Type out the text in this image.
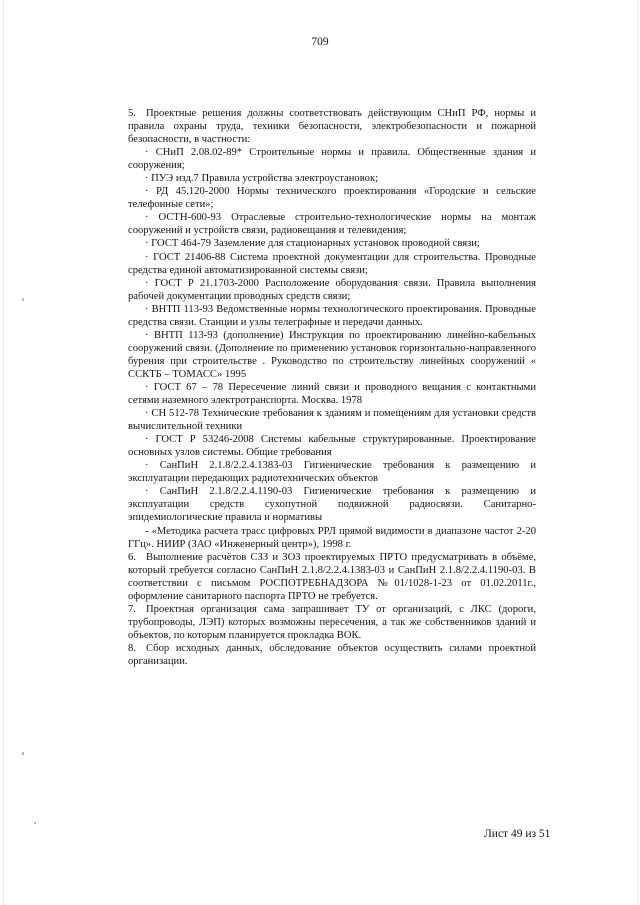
709

5. Проектные решения должны соответствовать действующим СНиП РФ, нормы и правила охраны труда, техники безопасности, электробезопасности и пожарной безопасности, в частности:

· СНиП 2.08.02-89* Строительные нормы и правила. Общественные здания и сооружения;

· ПУЭ изд.7 Правила устройства электроустановок;

· РД 45.120-2000 Нормы технического проектирования «Городские и сельские телефонные сети»;

· ОСТН-600-93 Отраслевые строительно-технологические нормы на монтаж сооружений и устройств связи, радиовещания и телевидения;

· ГОСТ 464-79 Заземление для стационарных установок проводной связи;

· ГОСТ 21406-88 Система проектной документации для строительства. Проводные средства единой автоматизированной системы связи;

· ГОСТ Р 21.1703-2000 Расположение оборудования связи. Правила выполнения рабочей документации проводных средств связи;

· ВНТП 113-93 Ведомственные нормы технологического проектирования. Проводные средства связи. Станции и узлы телеграфные и передачи данных.

· ВНТП 113-93 (дополнение) Инструкция по проектированию линейно-кабельных сооружений связи. (Дополнение по применению установок горизонтально-направленного бурения при строительстве . Руководство по строительству линейных сооружений « ССКТБ – ТОМАСС» 1995

· ГОСТ 67 – 78 Пересечение линий связи и проводного вещания с контактными сетями наземного электротранспорта. Москва. 1978

· СН 512-78 Технические требования к зданиям и помещениям для установки средств вычислительной техники

· ГОСТ Р 53246-2008 Системы кабельные структурированные. Проектирование основных узлов системы. Общие требования

· СанПиН 2.1.8/2.2.4.1383-03 Гигиенические требования к размещению и эксплуатации передающих радиотехнических объектов

· СанПиН 2.1.8/2.2.4.1190-03 Гигиенические требования к размещению и эксплуатации средств сухопутной подвижной радиосвязи. Санитарно-эпидемиологические правила и нормативы

- «Методика расчета трасс цифровых РРЛ прямой видимости в диапазоне частот 2-20 ГГц». НИИР (ЗАО «Инженерный центр»), 1998 г.

6. Выполнение расчётов СЗЗ и ЗОЗ проектируемых ПРТО предусматривать в объёме, который требуется согласно СанПиН 2.1.8/2.2.4.1383-03 и СанПиН 2.1.8/2.2.4.1190-03. В соответствии с письмом РОСПОТРЕБНАДЗОРА №01/1028-1-23 от 01.02.2011г., оформление санитарного паспорта ПРТО не требуется.

7. Проектная организация сама запрашивает ТУ от организаций, с ЛКС (дороги, трубопроводы, ЛЭП) которых возможны пересечения, а так же собственников зданий и объектов, по которым планируется прокладка ВОК.

8. Сбор исходных данных, обследование объектов осуществить силами проектной организации.

Лист 49 из 51
